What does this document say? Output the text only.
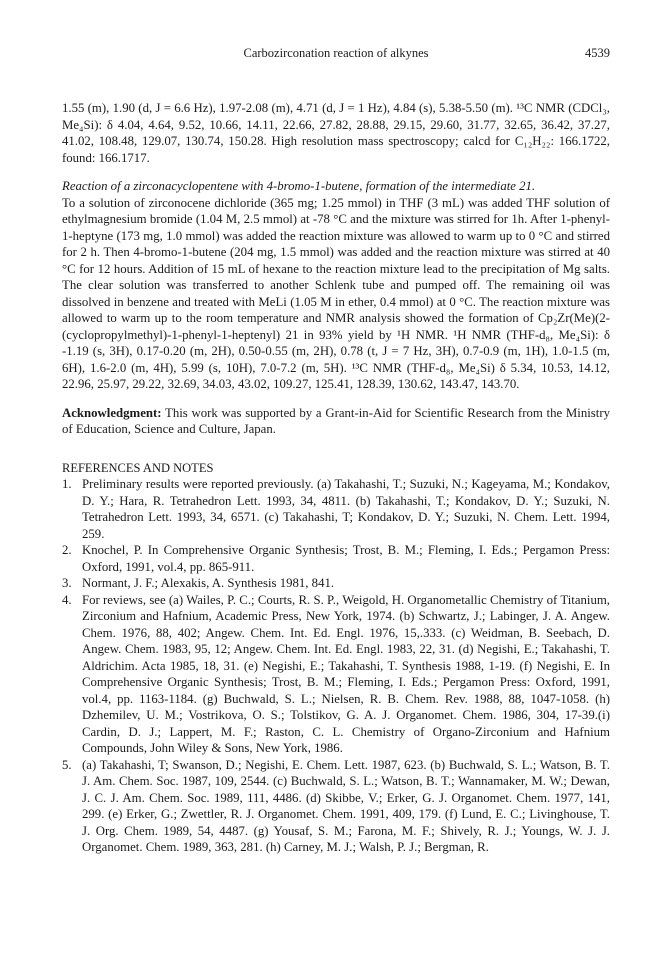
Carbozirconation reaction of alkynes	4539

1.55 (m), 1.90 (d, J = 6.6 Hz), 1.97-2.08 (m), 4.71 (d, J = 1 Hz), 4.84 (s), 5.38-5.50 (m). ¹³C NMR (CDCl₃, Me₄Si): δ 4.04, 4.64, 9.52, 10.66, 14.11, 22.66, 27.82, 28.88, 29.15, 29.60, 31.77, 32.65, 36.42, 37.27, 41.02, 108.48, 129.07, 130.74, 150.28. High resolution mass spectroscopy; calcd for C₁₂H₂₂: 166.1722, found: 166.1717.

Reaction of a zirconacyclopentene with 4-bromo-1-butene, formation of the intermediate 21.

To a solution of zirconocene dichloride (365 mg; 1.25 mmol) in THF (3 mL) was added THF solution of ethylmagnesium bromide (1.04 M, 2.5 mmol) at -78 °C and the mixture was stirred for 1h. After 1-phenyl-1-heptyne (173 mg, 1.0 mmol) was added the reaction mixture was allowed to warm up to 0 °C and stirred for 2 h. Then 4-bromo-1-butene (204 mg, 1.5 mmol) was added and the reaction mixture was stirred at 40 °C for 12 hours. Addition of 15 mL of hexane to the reaction mixture lead to the precipitation of Mg salts. The clear solution was transferred to another Schlenk tube and pumped off. The remaining oil was dissolved in benzene and treated with MeLi (1.05 M in ether, 0.4 mmol) at 0 °C. The reaction mixture was allowed to warm up to the room temperature and NMR analysis showed the formation of Cp₂Zr(Me)(2-(cyclopropylmethyl)-1-phenyl-1-heptenyl) 21 in 93% yield by ¹H NMR. ¹H NMR (THF-d₈, Me₄Si): δ -1.19 (s, 3H), 0.17-0.20 (m, 2H), 0.50-0.55 (m, 2H), 0.78 (t, J = 7 Hz, 3H), 0.7-0.9 (m, 1H), 1.0-1.5 (m, 6H), 1.6-2.0 (m, 4H), 5.99 (s, 10H), 7.0-7.2 (m, 5H). ¹³C NMR (THF-d₈, Me₄Si) δ 5.34, 10.53, 14.12, 22.96, 25.97, 29.22, 32.69, 34.03, 43.02, 109.27, 125.41, 128.39, 130.62, 143.47, 143.70.

Acknowledgment: This work was supported by a Grant-in-Aid for Scientific Research from the Ministry of Education, Science and Culture, Japan.

REFERENCES AND NOTES

1. Preliminary results were reported previously. (a) Takahashi, T.; Suzuki, N.; Kageyama, M.; Kondakov, D. Y.; Hara, R. Tetrahedron Lett. 1993, 34, 4811. (b) Takahashi, T.; Kondakov, D. Y.; Suzuki, N. Tetrahedron Lett. 1993, 34, 6571. (c) Takahashi, T; Kondakov, D. Y.; Suzuki, N. Chem. Lett. 1994, 259.
2. Knochel, P. In Comprehensive Organic Synthesis; Trost, B. M.; Fleming, I. Eds.; Pergamon Press: Oxford, 1991, vol.4, pp. 865-911.
3. Normant, J. F.; Alexakis, A. Synthesis 1981, 841.
4. For reviews, see (a) Wailes, P. C.; Courts, R. S. P., Weigold, H. Organometallic Chemistry of Titanium, Zirconium and Hafnium, Academic Press, New York, 1974. (b) Schwartz, J.; Labinger, J. A. Angew. Chem. 1976, 88, 402; Angew. Chem. Int. Ed. Engl. 1976, 15,.333. (c) Weidman, B. Seebach, D. Angew. Chem. 1983, 95, 12; Angew. Chem. Int. Ed. Engl. 1983, 22, 31. (d) Negishi, E.; Takahashi, T. Aldrichim. Acta 1985, 18, 31. (e) Negishi, E.; Takahashi, T. Synthesis 1988, 1-19. (f) Negishi, E. In Comprehensive Organic Synthesis; Trost, B. M.; Fleming, I. Eds.; Pergamon Press: Oxford, 1991, vol.4, pp. 1163-1184. (g) Buchwald, S. L.; Nielsen, R. B. Chem. Rev. 1988, 88, 1047-1058. (h) Dzhemilev, U. M.; Vostrikova, O. S.; Tolstikov, G. A. J. Organomet. Chem. 1986, 304, 17-39.(i) Cardin, D. J.; Lappert, M. F.; Raston, C. L. Chemistry of Organo-Zirconium and Hafnium Compounds, John Wiley & Sons, New York, 1986.
5. (a) Takahashi, T; Swanson, D.; Negishi, E. Chem. Lett. 1987, 623. (b) Buchwald, S. L.; Watson, B. T. J. Am. Chem. Soc. 1987, 109, 2544. (c) Buchwald, S. L.; Watson, B. T.; Wannamaker, M. W.; Dewan, J. C. J. Am. Chem. Soc. 1989, 111, 4486. (d) Skibbe, V.; Erker, G. J. Organomet. Chem. 1977, 141, 299. (e) Erker, G.; Zwettler, R. J. Organomet. Chem. 1991, 409, 179. (f) Lund, E. C.; Livinghouse, T. J. Org. Chem. 1989, 54, 4487. (g) Yousaf, S. M.; Farona, M. F.; Shively, R. J.; Youngs, W. J. J. Organomet. Chem. 1989, 363, 281. (h) Carney, M. J.; Walsh, P. J.; Bergman, R.
